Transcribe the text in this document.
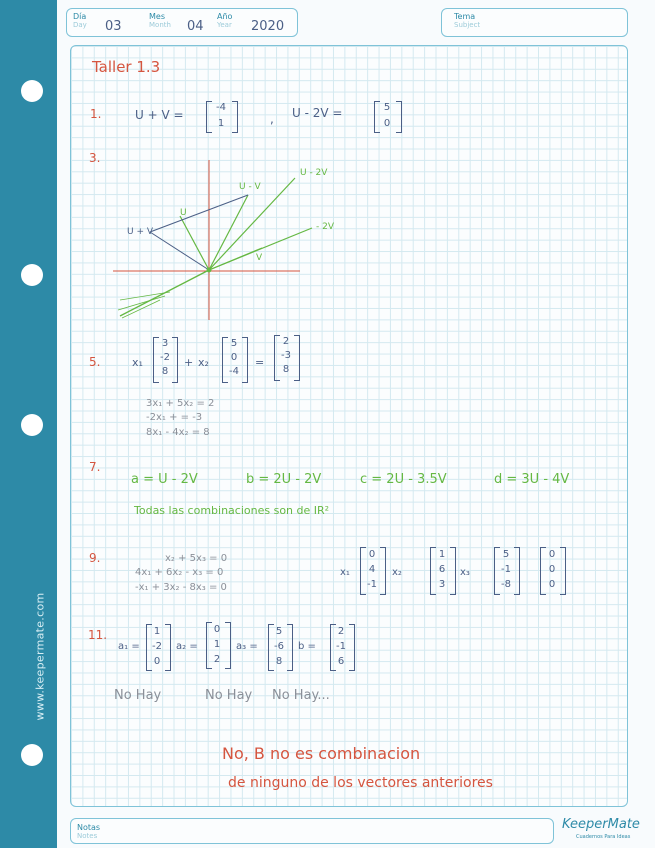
www.keepermate.com
Día
Day 03
Mes
Month 04
Año
Year 2020
Tema
Subject
Taller 1.3
1.	U + V =
-4
1	, U - 2V =	5
0
3.
U + V
U
U - V
U - 2V
- 2V
V
5.	x₁
3
-2
8
+ x₂
5
0
-4
=
2
-3
8
3x₁ + 5x₂ = 2
-2x₁ + = -3
8x₁ - 4x₂ = 8
7.
a = U - 2V	b = 2U - 2V	c = 2U - 3.5V	d = 3U - 4V
Todas las combinaciones son de IR²
9.	x₂ + 5x₃ = 0
4x₁ + 6x₂ - x₃ = 0
-x₁ + 3x₂ - 8x₃ = 0
x₁
0
4
-1
x₂
1
6
3
x₃
5
-1
-8
0
0
0
11.
a₁ =
1
-2
0
a₂ =
0
1
2
a₃ =
5
-6
8
b =
2
-1
6
No Hay	No Hay No Hay...
No, B no es combinacion
de ninguno de los vectores anteriores
Notas
Notes
KeeperMate
Cuadernos Para Ideas
